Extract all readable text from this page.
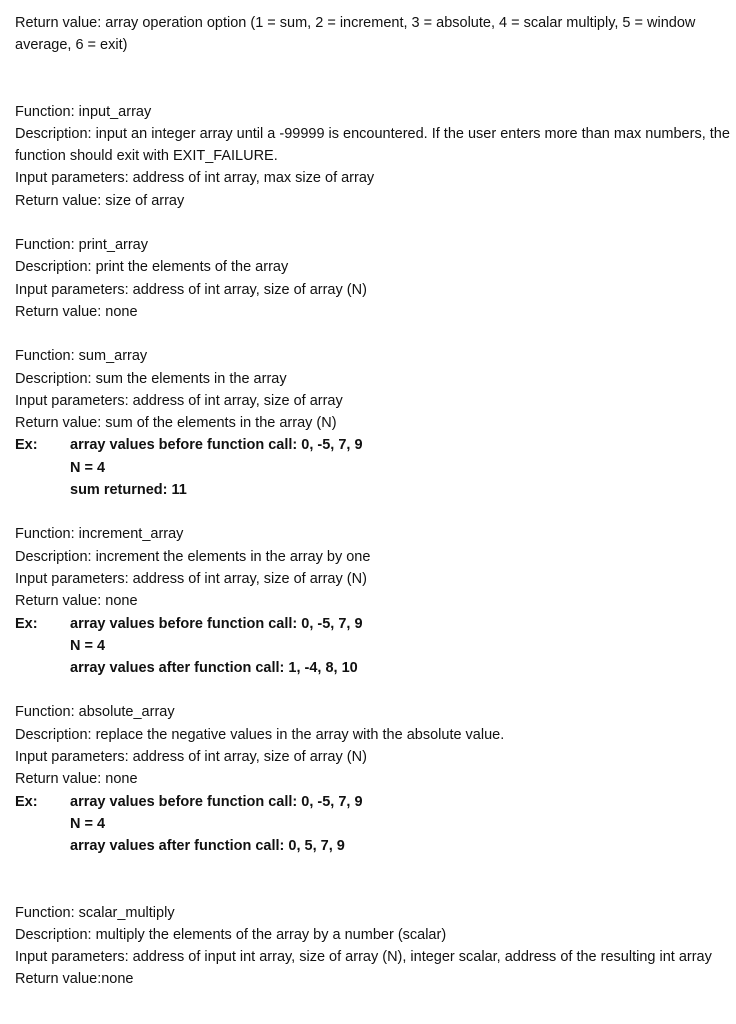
Return value: array operation option (1 = sum, 2 = increment, 3 = absolute, 4 = scalar multiply, 5 = window average, 6 = exit)
Function: input_array
Description: input an integer array until a -99999 is encountered. If the user enters more than max numbers, the function should exit with EXIT_FAILURE.
Input parameters: address of int array, max size of array
Return value: size of array
Function: print_array
Description: print the elements of the array
Input parameters: address of int array, size of array (N)
Return value: none
Function: sum_array
Description: sum the elements in the array
Input parameters: address of int array, size of array
Return value: sum of the elements in the array (N)
Ex:	array values before function call: 0, -5, 7, 9
N = 4
sum returned: 11
Function: increment_array
Description: increment the elements in the array by one
Input parameters: address of int array, size of array (N)
Return value: none
Ex:	array values before function call: 0, -5, 7, 9
N = 4
array values after function call: 1, -4, 8, 10
Function: absolute_array
Description: replace the negative values in the array with the absolute value.
Input parameters: address of int array, size of array (N)
Return value: none
Ex:	array values before function call: 0, -5, 7, 9
N = 4
array values after function call: 0, 5, 7, 9
Function: scalar_multiply
Description: multiply the elements of the array by a number (scalar)
Input parameters: address of input int array, size of array (N), integer scalar, address of the resulting int array
Return value:none
